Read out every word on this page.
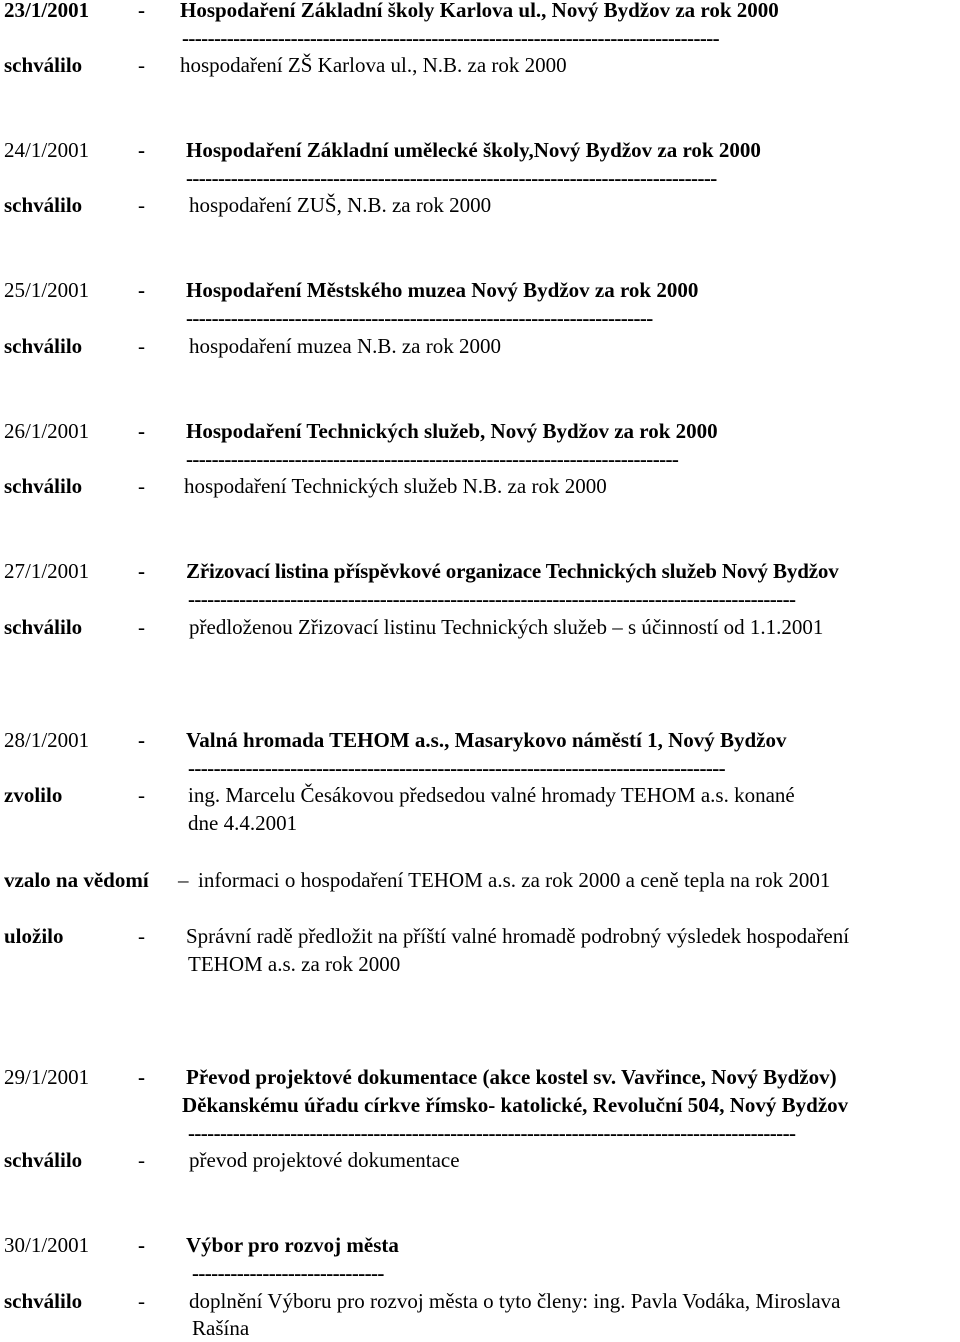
23/1/2001 - Hospodaření Základní školy Karlova ul., Nový Bydžov za rok 2000
------------------------------------------------------------------------------------
schválilo	- hospodaření ZŠ Karlova ul., N.B. za rok 2000
24/1/2001 - Hospodaření Základní umělecké školy,Nový Bydžov za rok 2000
-----------------------------------------------------------------------------------
schválilo	- hospodaření ZUŠ, N.B. za rok 2000
25/1/2001 - Hospodaření Městského muzea Nový Bydžov za rok 2000
-------------------------------------------------------------------------
schválilo	- hospodaření muzea N.B. za rok 2000
26/1/2001 - Hospodaření Technických služeb, Nový Bydžov za rok 2000
-----------------------------------------------------------------------------
schválilo	- hospodaření Technických služeb N.B. za rok 2000
27/1/2001 - Zřizovací listina příspěvkové organizace Technických služeb Nový Bydžov
-----------------------------------------------------------------------------------------------
schválilo	- předloženou Zřizovací listinu Technických služeb – s účinností od 1.1.2001
28/1/2001 - Valná hromada TEHOM a.s., Masarykovo náměstí 1, Nový Bydžov
------------------------------------------------------------------------------------
zvolilo	- ing. Marcelu Česákovou předsedou valné hromady TEHOM a.s. konané
dne 4.4.2001
vzalo na vědomí – informaci o hospodaření TEHOM a.s. za rok 2000 a ceně tepla na rok 2001
uložilo	- Správní radě předložit na příští valné hromadě podrobný výsledek hospodaření
TEHOM a.s. za rok 2000
29/1/2001 - Převod projektové dokumentace (akce kostel sv. Vavřince, Nový Bydžov)
Děkanskému úřadu církve římsko- katolické, Revoluční 504, Nový Bydžov
-----------------------------------------------------------------------------------------------
schválilo	- převod projektové dokumentace
30/1/2001 - Výbor pro rozvoj města
------------------------------
schválilo	- doplnění Výboru pro rozvoj města o tyto členy: ing. Pavla Vodáka, Miroslava
Rašína
